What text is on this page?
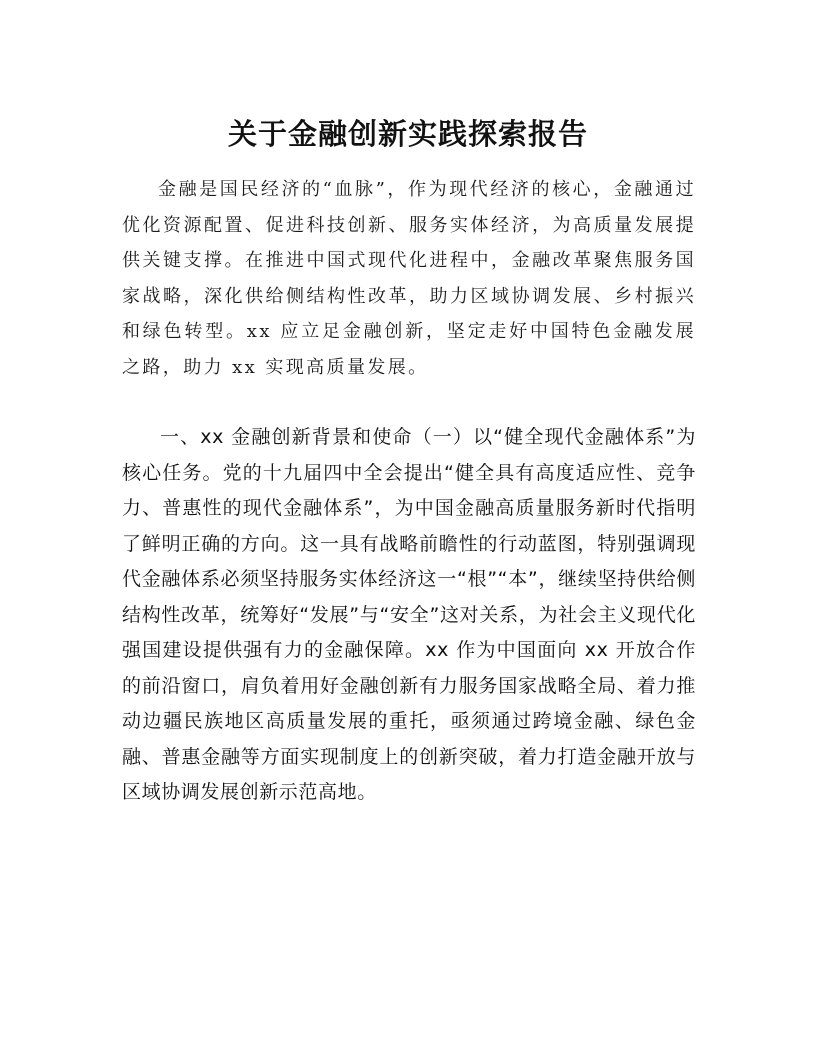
关于金融创新实践探索报告

金融是国民经济的“血脉”，作为现代经济的核心，金融通过优化资源配置、促进科技创新、服务实体经济，为高质量发展提供关键支撑。在推进中国式现代化进程中，金融改革聚焦服务国家战略，深化供给侧结构性改革，助力区域协调发展、乡村振兴和绿色转型。xx 应立足金融创新，坚定走好中国特色金融发展之路，助力 xx 实现高质量发展。

一、xx 金融创新背景和使命（一）以“健全现代金融体系”为核心任务。党的十九届四中全会提出“健全具有高度适应性、竞争力、普惠性的现代金融体系”，为中国金融高质量服务新时代指明了鲜明正确的方向。这一具有战略前瞻性的行动蓝图，特别强调现代金融体系必须坚持服务实体经济这一“根”“本”，继续坚持供给侧结构性改革，统筹好“发展”与“安全”这对关系，为社会主义现代化强国建设提供强有力的金融保障。xx 作为中国面向 xx 开放合作的前沿窗口，肩负着用好金融创新有力服务国家战略全局、着力推动边疆民族地区高质量发展的重托，亟须通过跨境金融、绿色金融、普惠金融等方面实现制度上的创新突破，着力打造金融开放与区域协调发展创新示范高地。
